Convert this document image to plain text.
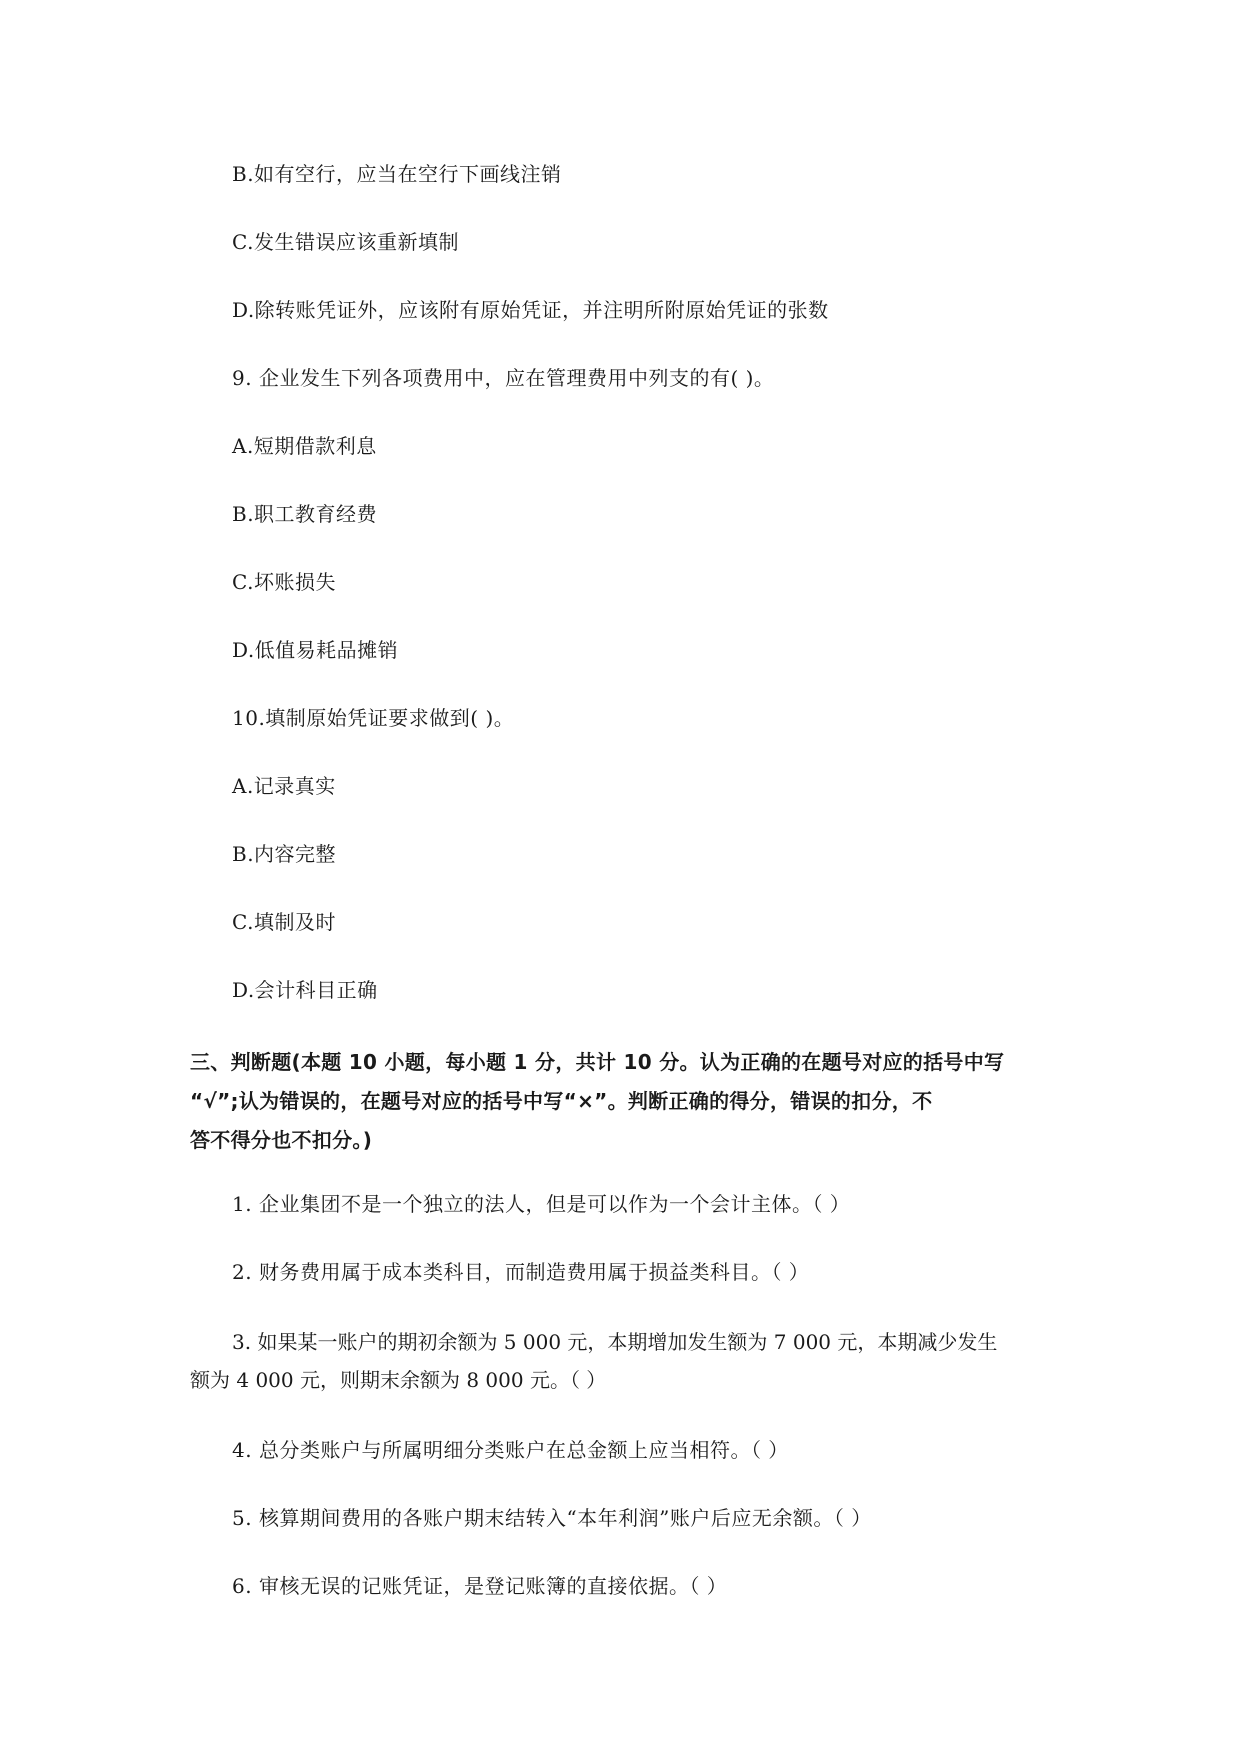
B.如有空行，应当在空行下画线注销
C.发生错误应该重新填制
D.除转账凭证外，应该附有原始凭证，并注明所附原始凭证的张数
9. 企业发生下列各项费用中，应在管理费用中列支的有( )。
A.短期借款利息
B.职工教育经费
C.坏账损失
D.低值易耗品摊销
10.填制原始凭证要求做到( )。
A.记录真实
B.内容完整
C.填制及时
D.会计科目正确
三、判断题(本题 10 小题，每小题 1 分，共计 10 分。认为正确的在题号对应的括号中写
“√”;认为错误的，在题号对应的括号中写“×”。判断正确的得分，错误的扣分，不
答不得分也不扣分。)
1. 企业集团不是一个独立的法人，但是可以作为一个会计主体。（ ）
2. 财务费用属于成本类科目，而制造费用属于损益类科目。（ ）
3. 如果某一账户的期初余额为 5 000 元，本期增加发生额为 7 000 元，本期减少发生
额为 4 000 元，则期末余额为 8 000 元。（ ）
4. 总分类账户与所属明细分类账户在总金额上应当相符。（ ）
5. 核算期间费用的各账户期末结转入“本年利润”账户后应无余额。（ ）
6. 审核无误的记账凭证，是登记账簿的直接依据。（ ）
